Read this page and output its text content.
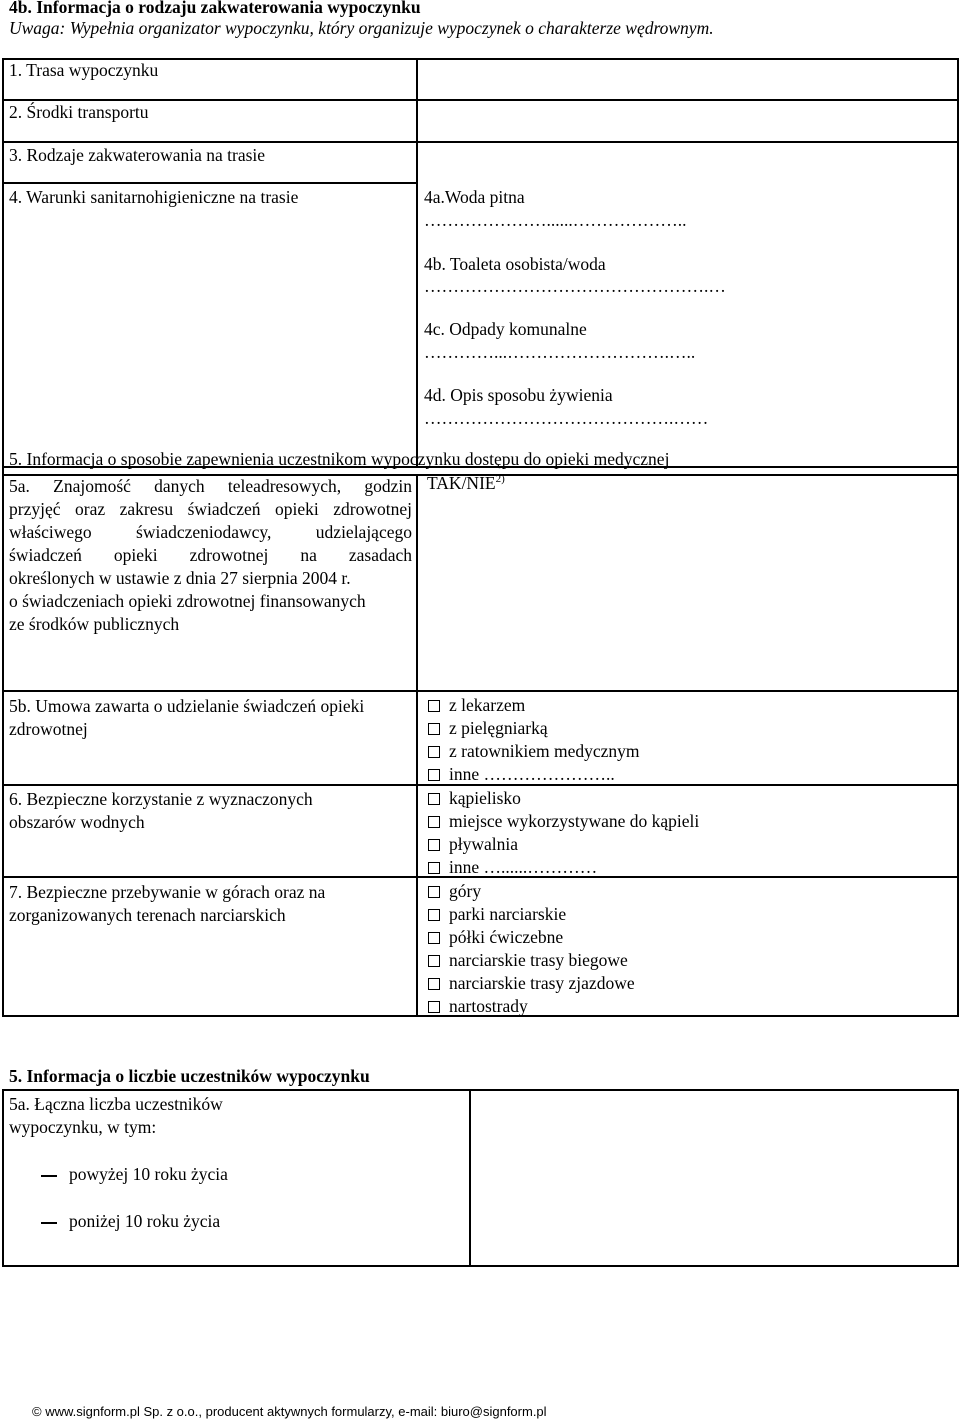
4b. Informacja o rodzaju zakwaterowania wypoczynku
Uwaga: Wypełnia organizator wypoczynku, który organizuje wypoczynek o charakterze wędrownym.
1. Trasa wypoczynku
2. Środki transportu
3. Rodzaje zakwaterowania na trasie
4. Warunki sanitarnohigieniczne na trasie	4a.Woda pitna
…………………......………………..
4b. Toaleta osobista/woda
………………………………………….…
4c. Odpady komunalne
…………...……………………….…..
4d. Opis sposobu żywienia
…………………………………….……
5. Informacja o sposobie zapewnienia uczestnikom wypoczynku dostępu do opieki medycznej
5a. Znajomość danych teleadresowych, godzin
przyjęć oraz zakresu świadczeń opieki zdrowotnej
właściwego świadczeniodawcy, udzielającego
świadczeń opieki zdrowotnej na zasadach
określonych w ustawie z dnia 27 sierpnia 2004 r.
o świadczeniach opieki zdrowotnej finansowanych
ze środków publicznych
TAK/NIE$^{2)}$
5b. Umowa zawarta o udzielanie świadczeń opieki
zdrowotnej
z lekarzem
z pielęgniarką
z ratownikiem medycznym
inne …………………..
6. Bezpieczne korzystanie z wyznaczonych
obszarów wodnych
kąpielisko
miejsce wykorzystywane do kąpieli
pływalnia
inne …......…………
7. Bezpieczne przebywanie w górach oraz na
zorganizowanych terenach narciarskich
góry
parki narciarskie
półki ćwiczebne
narciarskie trasy biegowe
narciarskie trasy zjazdowe
nartostrady
5. Informacja o liczbie uczestników wypoczynku
5a. Łączna liczba uczestników
wypoczynku, w tym:
powyżej 10 roku życia
poniżej 10 roku życia
© www.signform.pl Sp. z o.o., producent aktywnych formularzy, e-mail: biuro@signform.pl
